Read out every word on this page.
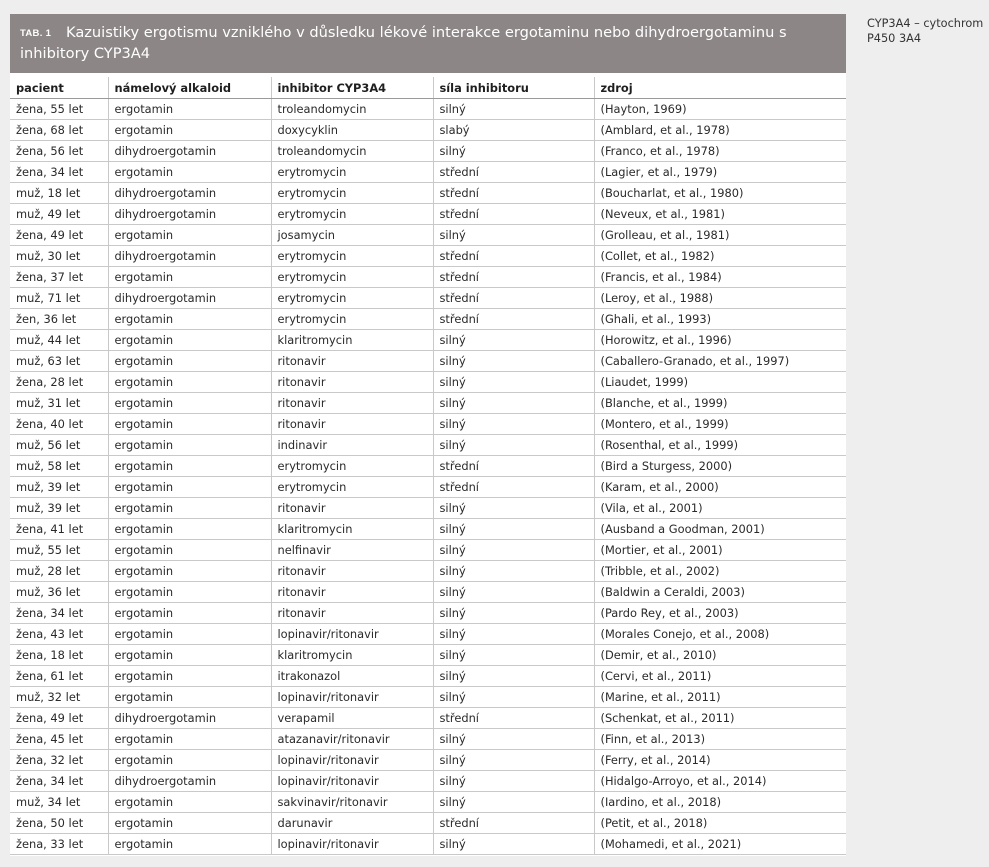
TAB. 1	Kazuistiky ergotismu vzniklého v důsledku lékové interakce ergotaminu nebo dihydroergotaminu s inhibitory CYP3A4
pacient	námelový alkaloid	inhibitor CYP3A4	síla inhibitoru	zdroj
žena, 55 let	ergotamin	troleandomycin	silný	(Hayton, 1969)
žena, 68 let	ergotamin	doxycyklin	slabý	(Amblard, et al., 1978)
žena, 56 let	dihydroergotamin	troleandomycin	silný	(Franco, et al., 1978)
žena, 34 let	ergotamin	erytromycin	střední	(Lagier, et al., 1979)
muž, 18 let	dihydroergotamin	erytromycin	střední	(Boucharlat, et al., 1980)
muž, 49 let	dihydroergotamin	erytromycin	střední	(Neveux, et al., 1981)
žena, 49 let	ergotamin	josamycin	silný	(Grolleau, et al., 1981)
muž, 30 let	dihydroergotamin	erytromycin	střední	(Collet, et al., 1982)
žena, 37 let	ergotamin	erytromycin	střední	(Francis, et al., 1984)
muž, 71 let	dihydroergotamin	erytromycin	střední	(Leroy, et al., 1988)
žen, 36 let	ergotamin	erytromycin	střední	(Ghali, et al., 1993)
muž, 44 let	ergotamin	klaritromycin	silný	(Horowitz, et al., 1996)
muž, 63 let	ergotamin	ritonavir	silný	(Caballero-Granado, et al., 1997)
žena, 28 let	ergotamin	ritonavir	silný	(Liaudet, 1999)
muž, 31 let	ergotamin	ritonavir	silný	(Blanche, et al., 1999)
žena, 40 let	ergotamin	ritonavir	silný	(Montero, et al., 1999)
muž, 56 let	ergotamin	indinavir	silný	(Rosenthal, et al., 1999)
muž, 58 let	ergotamin	erytromycin	střední	(Bird a Sturgess, 2000)
muž, 39 let	ergotamin	erytromycin	střední	(Karam, et al., 2000)
muž, 39 let	ergotamin	ritonavir	silný	(Vila, et al., 2001)
žena, 41 let	ergotamin	klaritromycin	silný	(Ausband a Goodman, 2001)
muž, 55 let	ergotamin	nelfinavir	silný	(Mortier, et al., 2001)
muž, 28 let	ergotamin	ritonavir	silný	(Tribble, et al., 2002)
muž, 36 let	ergotamin	ritonavir	silný	(Baldwin a Ceraldi, 2003)
žena, 34 let	ergotamin	ritonavir	silný	(Pardo Rey, et al., 2003)
žena, 43 let	ergotamin	lopinavir/ritonavir	silný	(Morales Conejo, et al., 2008)
žena, 18 let	ergotamin	klaritromycin	silný	(Demir, et al., 2010)
žena, 61 let	ergotamin	itrakonazol	silný	(Cervi, et al., 2011)
muž, 32 let	ergotamin	lopinavir/ritonavir	silný	(Marine, et al., 2011)
žena, 49 let	dihydroergotamin	verapamil	střední	(Schenkat, et al., 2011)
žena, 45 let	ergotamin	atazanavir/ritonavir	silný	(Finn, et al., 2013)
žena, 32 let	ergotamin	lopinavir/ritonavir	silný	(Ferry, et al., 2014)
žena, 34 let	dihydroergotamin	lopinavir/ritonavir	silný	(Hidalgo-Arroyo, et al., 2014)
muž, 34 let	ergotamin	sakvinavir/ritonavir	silný	(Iardino, et al., 2018)
žena, 50 let	ergotamin	darunavir	střední	(Petit, et al., 2018)
žena, 33 let	ergotamin	lopinavir/ritonavir	silný	(Mohamedi, et al., 2021)
CYP3A4 – cytochrom P450 3A4
